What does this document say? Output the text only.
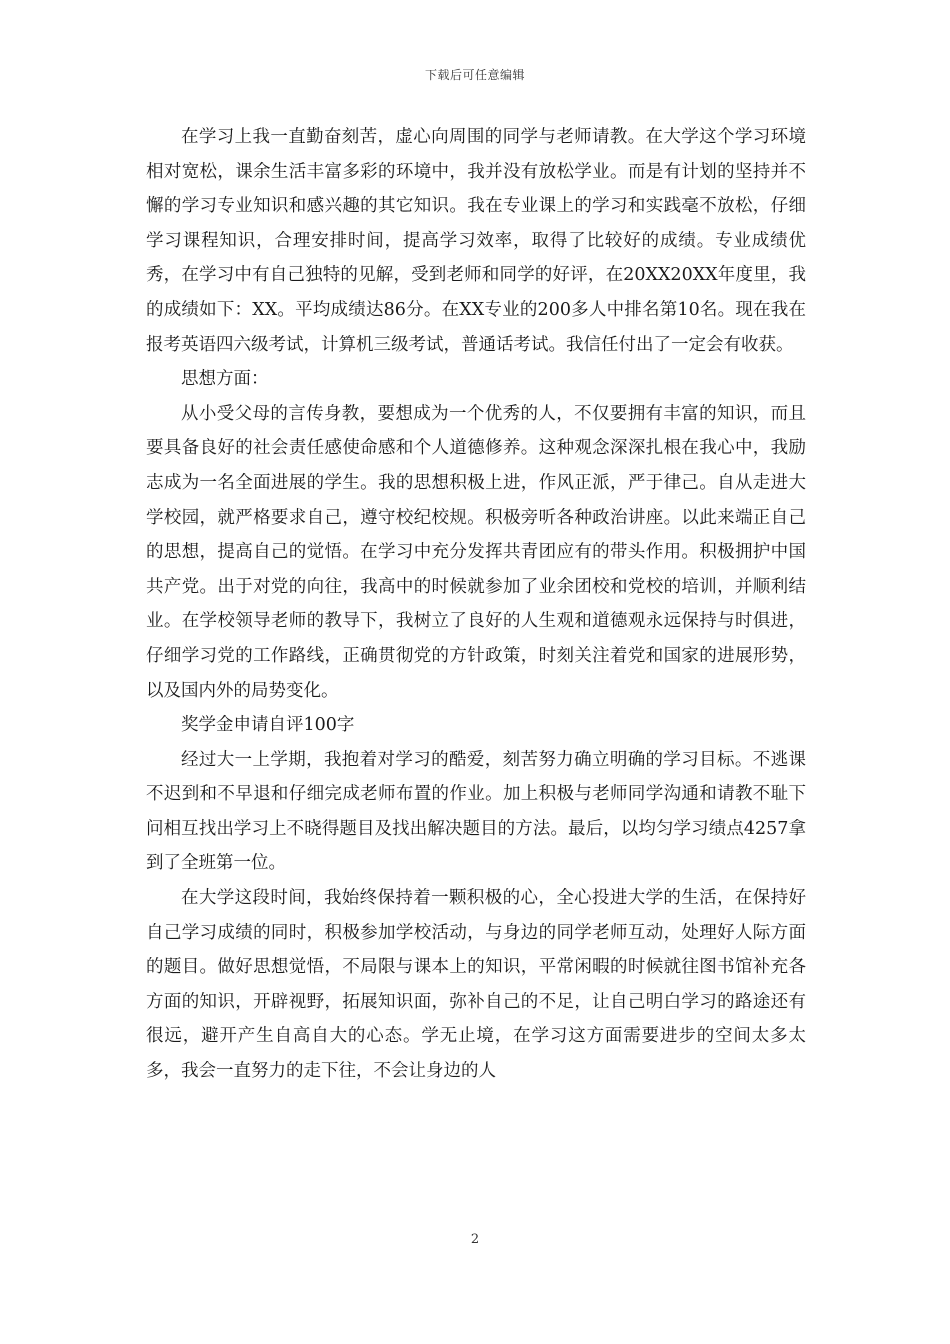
下载后可任意编辑

在学习上我一直勤奋刻苦，虚心向周围的同学与老师请教。在大学这个学习环境相对宽松，课余生活丰富多彩的环境中，我并没有放松学业。而是有计划的坚持并不懈的学习专业知识和感兴趣的其它知识。我在专业课上的学习和实践毫不放松，仔细学习课程知识，合理安排时间，提高学习效率，取得了比较好的成绩。专业成绩优秀，在学习中有自己独特的见解，受到老师和同学的好评，在20XX20XX年度里，我的成绩如下：XX。平均成绩达86分。在XX专业的200多人中排名第10名。现在我在报考英语四六级考试，计算机三级考试，普通话考试。我信任付出了一定会有收获。

思想方面：

从小受父母的言传身教，要想成为一个优秀的人，不仅要拥有丰富的知识，而且要具备良好的社会责任感使命感和个人道德修养。这种观念深深扎根在我心中，我励志成为一名全面进展的学生。我的思想积极上进，作风正派，严于律己。自从走进大学校园，就严格要求自己，遵守校纪校规。积极旁听各种政治讲座。以此来端正自己的思想，提高自己的觉悟。在学习中充分发挥共青团应有的带头作用。积极拥护中国共产党。出于对党的向往，我高中的时候就参加了业余团校和党校的培训，并顺利结业。在学校领导老师的教导下，我树立了良好的人生观和道德观永远保持与时俱进，仔细学习党的工作路线，正确贯彻党的方针政策，时刻关注着党和国家的进展形势，以及国内外的局势变化。

奖学金申请自评100字

经过大一上学期，我抱着对学习的酷爱，刻苦努力确立明确的学习目标。不逃课不迟到和不早退和仔细完成老师布置的作业。加上积极与老师同学沟通和请教不耻下问相互找出学习上不晓得题目及找出解决题目的方法。最后，以均匀学习绩点4257拿到了全班第一位。

在大学这段时间，我始终保持着一颗积极的心，全心投进大学的生活，在保持好自己学习成绩的同时，积极参加学校活动，与身边的同学老师互动，处理好人际方面的题目。做好思想觉悟，不局限与课本上的知识，平常闲暇的时候就往图书馆补充各方面的知识，开辟视野，拓展知识面，弥补自己的不足，让自己明白学习的路途还有很远，避开产生自高自大的心态。学无止境，在学习这方面需要进步的空间太多太多，我会一直努力的走下往，不会让身边的人

2
